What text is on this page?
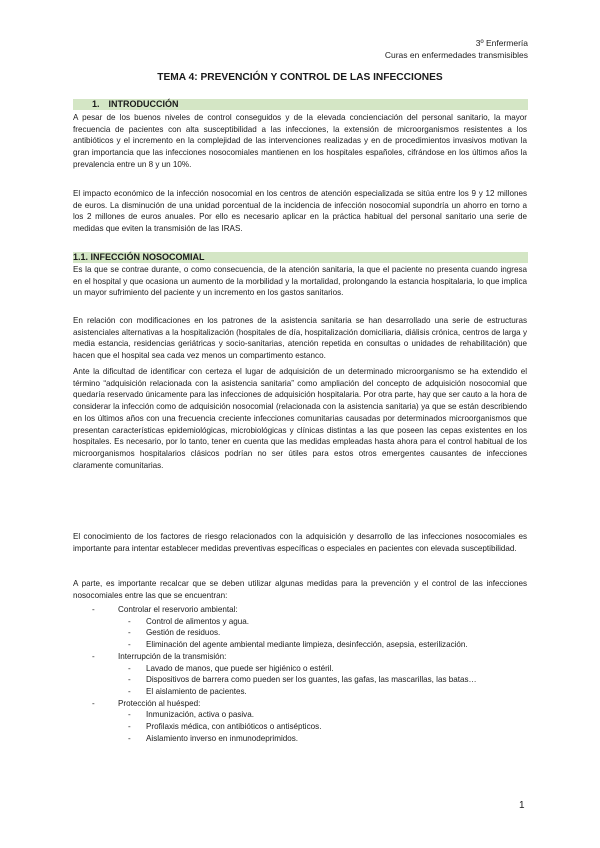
3º Enfermería
Curas en enfermedades transmisibles
TEMA 4: PREVENCIÓN Y CONTROL DE LAS INFECCIONES
1. INTRODUCCIÓN

A pesar de los buenos niveles de control conseguidos y de la elevada concienciación del personal sanitario, la mayor frecuencia de pacientes con alta susceptibilidad a las infecciones, la extensión de microorganismos resistentes a los antibióticos y el incremento en la complejidad de las intervenciones realizadas y en de procedimientos invasivos motivan la gran importancia que las infecciones nosocomiales mantienen en los hospitales españoles, cifrándose en los últimos años la prevalencia entre un 8 y un 10%.

El impacto económico de la infección nosocomial en los centros de atención especializada se sitúa entre los 9 y 12 millones de euros. La disminución de una unidad porcentual de la incidencia de infección nosocomial supondría un ahorro en torno a los 2 millones de euros anuales. Por ello es necesario aplicar en la práctica habitual del personal sanitario una serie de medidas que eviten la transmisión de las IRAS.

1.1. INFECCIÓN NOSOCOMIAL

Es la que se contrae durante, o como consecuencia, de la atención sanitaria, la que el paciente no presenta cuando ingresa en el hospital y que ocasiona un aumento de la morbilidad y la mortalidad, prolongando la estancia hospitalaria, lo que implica un mayor sufrimiento del paciente y un incremento en los gastos sanitarios.

En relación con modificaciones en los patrones de la asistencia sanitaria se han desarrollado una serie de estructuras asistenciales alternativas a la hospitalización (hospitales de día, hospitalización domiciliaria, diálisis crónica, centros de larga y media estancia, residencias geriátricas y socio-sanitarias, atención repetida en consultas o unidades de rehabilitación) que hacen que el hospital sea cada vez menos un compartimento estanco.

Ante la dificultad de identificar con certeza el lugar de adquisición de un determinado microorganismo se ha extendido el término “adquisición relacionada con la asistencia sanitaria” como ampliación del concepto de adquisición nosocomial que quedaría reservado únicamente para las infecciones de adquisición hospitalaria. Por otra parte, hay que ser cauto a la hora de considerar la infección como de adquisición nosocomial (relacionada con la asistencia sanitaria) ya que se están describiendo en los últimos años con una frecuencia creciente infecciones comunitarias causadas por determinados microorganismos que presentan características epidemiológicas, microbiológicas y clínicas distintas a las que poseen las cepas existentes en los hospitales. Es necesario, por lo tanto, tener en cuenta que las medidas empleadas hasta ahora para el control habitual de los microorganismos hospitalarios clásicos podrían no ser útiles para estos otros emergentes causantes de infecciones claramente comunitarias.

El conocimiento de los factores de riesgo relacionados con la adquisición y desarrollo de las infecciones nosocomiales es importante para intentar establecer medidas preventivas específicas o especiales en pacientes con elevada susceptibilidad.

A parte, es importante recalcar que se deben utilizar algunas medidas para la prevención y el control de las infecciones nosocomiales entre las que se encuentran:

- Controlar el reservorio ambiental:
- Control de alimentos y agua.
- Gestión de residuos.
- Eliminación del agente ambiental mediante limpieza, desinfección, asepsia, esterilización.
- Interrupción de la transmisión:
- Lavado de manos, que puede ser higiénico o estéril.
- Dispositivos de barrera como pueden ser los guantes, las gafas, las mascarillas, las batas…
- El aislamiento de pacientes.
- Protección al huésped:
- Inmunización, activa o pasiva.
- Profilaxis médica, con antibióticos o antisépticos.
- Aislamiento inverso en inmunodeprimidos.
1
